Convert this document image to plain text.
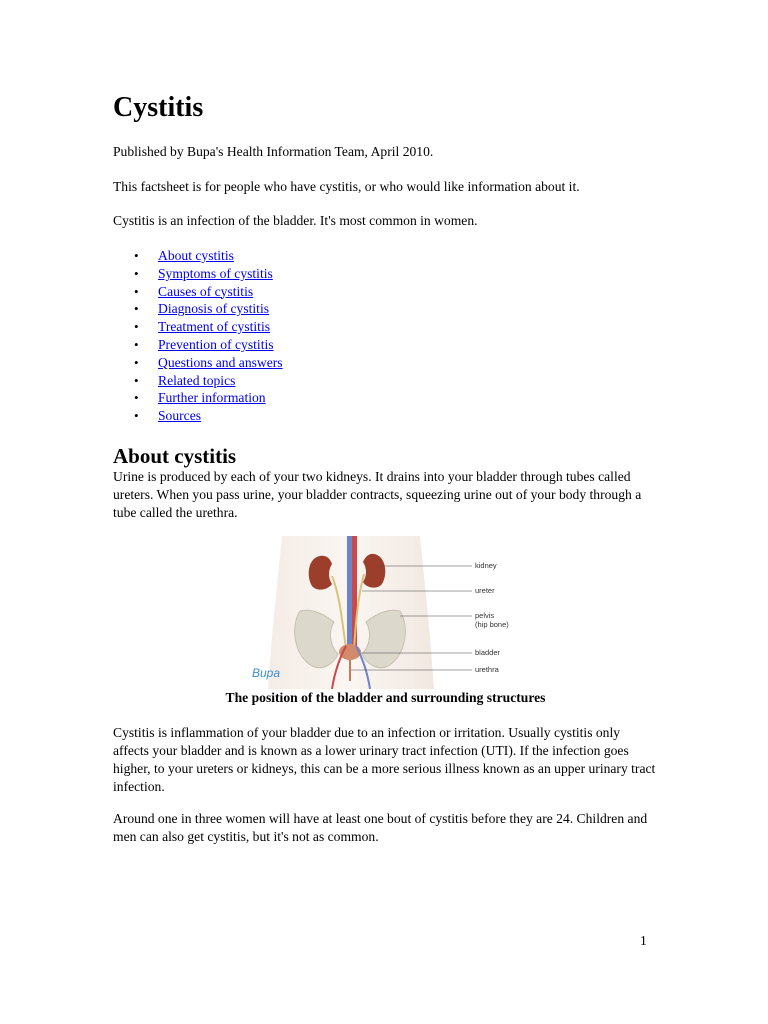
Cystitis

Published by Bupa's Health Information Team, April 2010.

This factsheet is for people who have cystitis, or who would like information about it.

Cystitis is an infection of the bladder. It's most common in women.

• About cystitis
• Symptoms of cystitis
• Causes of cystitis
• Diagnosis of cystitis
• Treatment of cystitis
• Prevention of cystitis
• Questions and answers
• Related topics
• Further information
• Sources
About cystitis

Urine is produced by each of your two kidneys. It drains into your bladder through tubes called ureters. When you pass urine, your bladder contracts, squeezing urine out of your body through a tube called the urethra.

Bupa
kidney
ureter
pelvis
(hip bone)
bladder
urethra

The position of the bladder and surrounding structures

Cystitis is inflammation of your bladder due to an infection or irritation. Usually cystitis only affects your bladder and is known as a lower urinary tract infection (UTI). If the infection goes higher, to your ureters or kidneys, this can be a more serious illness known as an upper urinary tract infection.

Around one in three women will have at least one bout of cystitis before they are 24. Children and men can also get cystitis, but it's not as common.

1
